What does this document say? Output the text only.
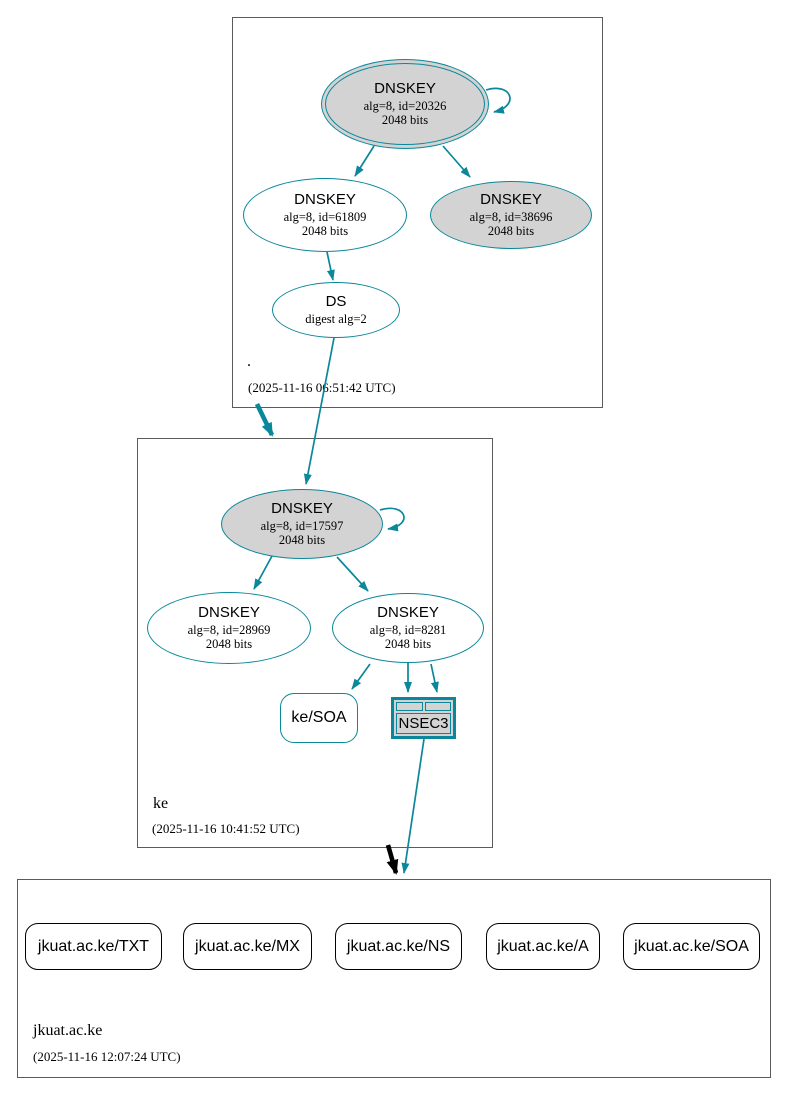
.
(2025-11-16 06:51:42 UTC)
ke
(2025-11-16 10:41:52 UTC)
jkuat.ac.ke
(2025-11-16 12:07:24 UTC)
DNSKEY
alg=8, id=20326
2048 bits
DNSKEY
alg=8, id=61809
2048 bits
DNSKEY
alg=8, id=38696
2048 bits
DS
digest alg=2
DNSKEY
alg=8, id=17597
2048 bits
DNSKEY
alg=8, id=28969
2048 bits
DNSKEY
alg=8, id=8281
2048 bits
ke/SOA	NSEC3
jkuat.ac.ke/TXT	jkuat.ac.ke/MX	jkuat.ac.ke/NS	jkuat.ac.ke/A	jkuat.ac.ke/SOA
